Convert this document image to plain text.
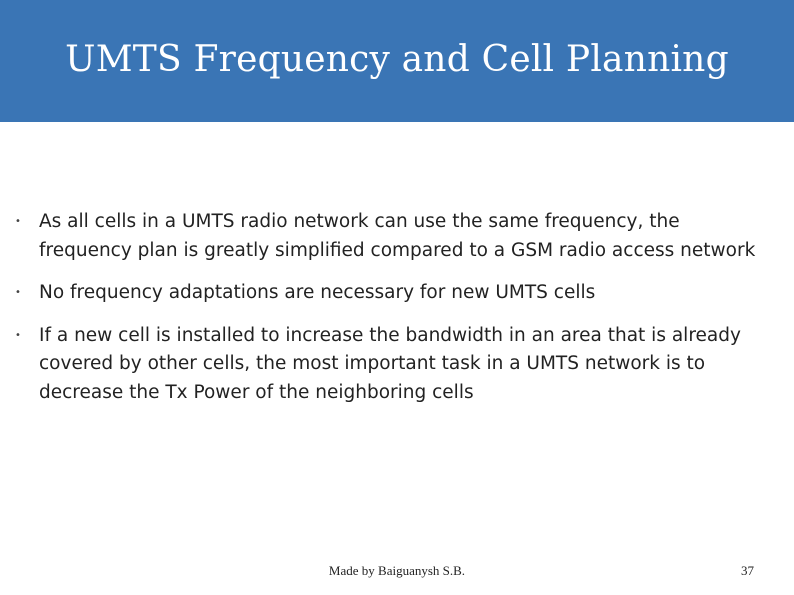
UMTS Frequency and Cell Planning
• As all cells in a UMTS radio network can use the same frequency, the frequency plan is greatly simplified compared to a GSM radio access network
• No frequency adaptations are necessary for new UMTS cells
• If a new cell is installed to increase the bandwidth in an area that is already covered by other cells, the most important task in a UMTS network is to decrease the Tx Power of the neighboring cells
Made by Baiguanysh S.B.	37
